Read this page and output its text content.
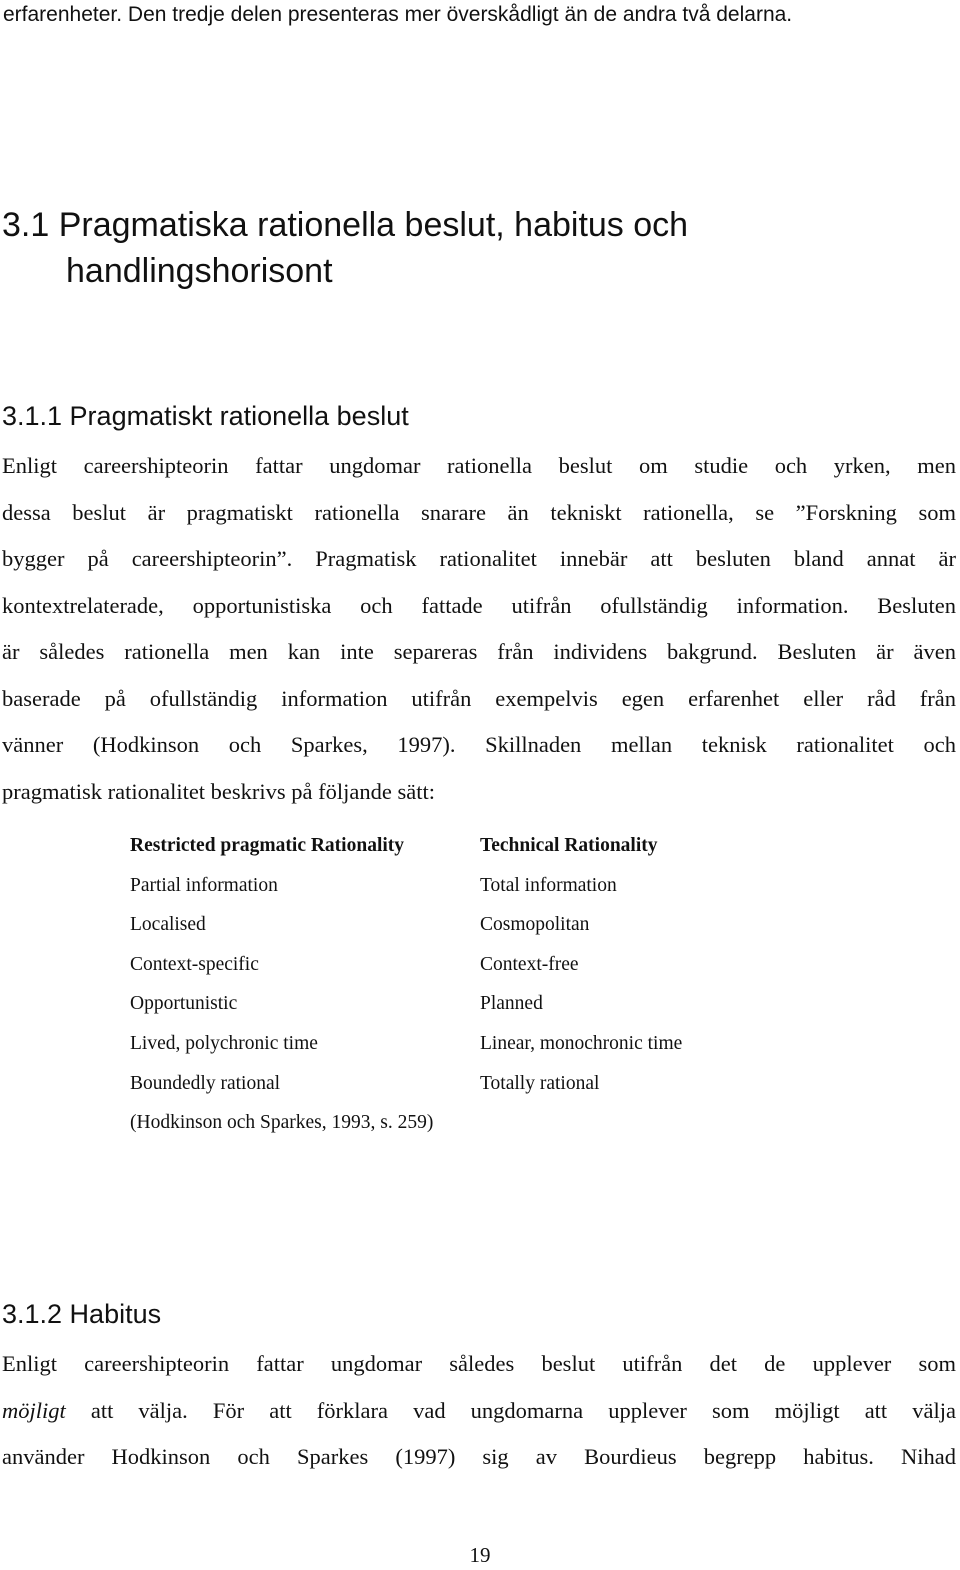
erfarenheter. Den tredje delen presenteras mer överskådligt än de andra två delarna.
3.1 Pragmatiska rationella beslut, habitus och
handlingshorisont
3.1.1 Pragmatiskt rationella beslut
Enligt careershipteorin fattar ungdomar rationella beslut om studie och yrken, men
dessa beslut är pragmatiskt rationella snarare än tekniskt rationella, se ”Forskning som
bygger på careershipteorin”. Pragmatisk rationalitet innebär att besluten bland annat är
kontextrelaterade, opportunistiska och fattade utifrån ofullständig information. Besluten
är således rationella men kan inte separeras från individens bakgrund. Besluten är även
baserade på ofullständig information utifrån exempelvis egen erfarenhet eller råd från
vänner (Hodkinson och Sparkes, 1997). Skillnaden mellan teknisk rationalitet och
pragmatisk rationalitet beskrivs på följande sätt:
Restricted pragmatic Rationality	Technical Rationality
Partial information	Total information
Localised	Cosmopolitan
Context-specific	Context-free
Opportunistic	Planned
Lived, polychronic time	Linear, monochronic time
Boundedly rational	Totally rational
(Hodkinson och Sparkes, 1993, s. 259)
3.1.2 Habitus
Enligt careershipteorin fattar ungdomar således beslut utifrån det de upplever som
möjligt att välja. För att förklara vad ungdomarna upplever som möjligt att välja
använder Hodkinson och Sparkes (1997) sig av Bourdieus begrepp habitus. Nihad
19
